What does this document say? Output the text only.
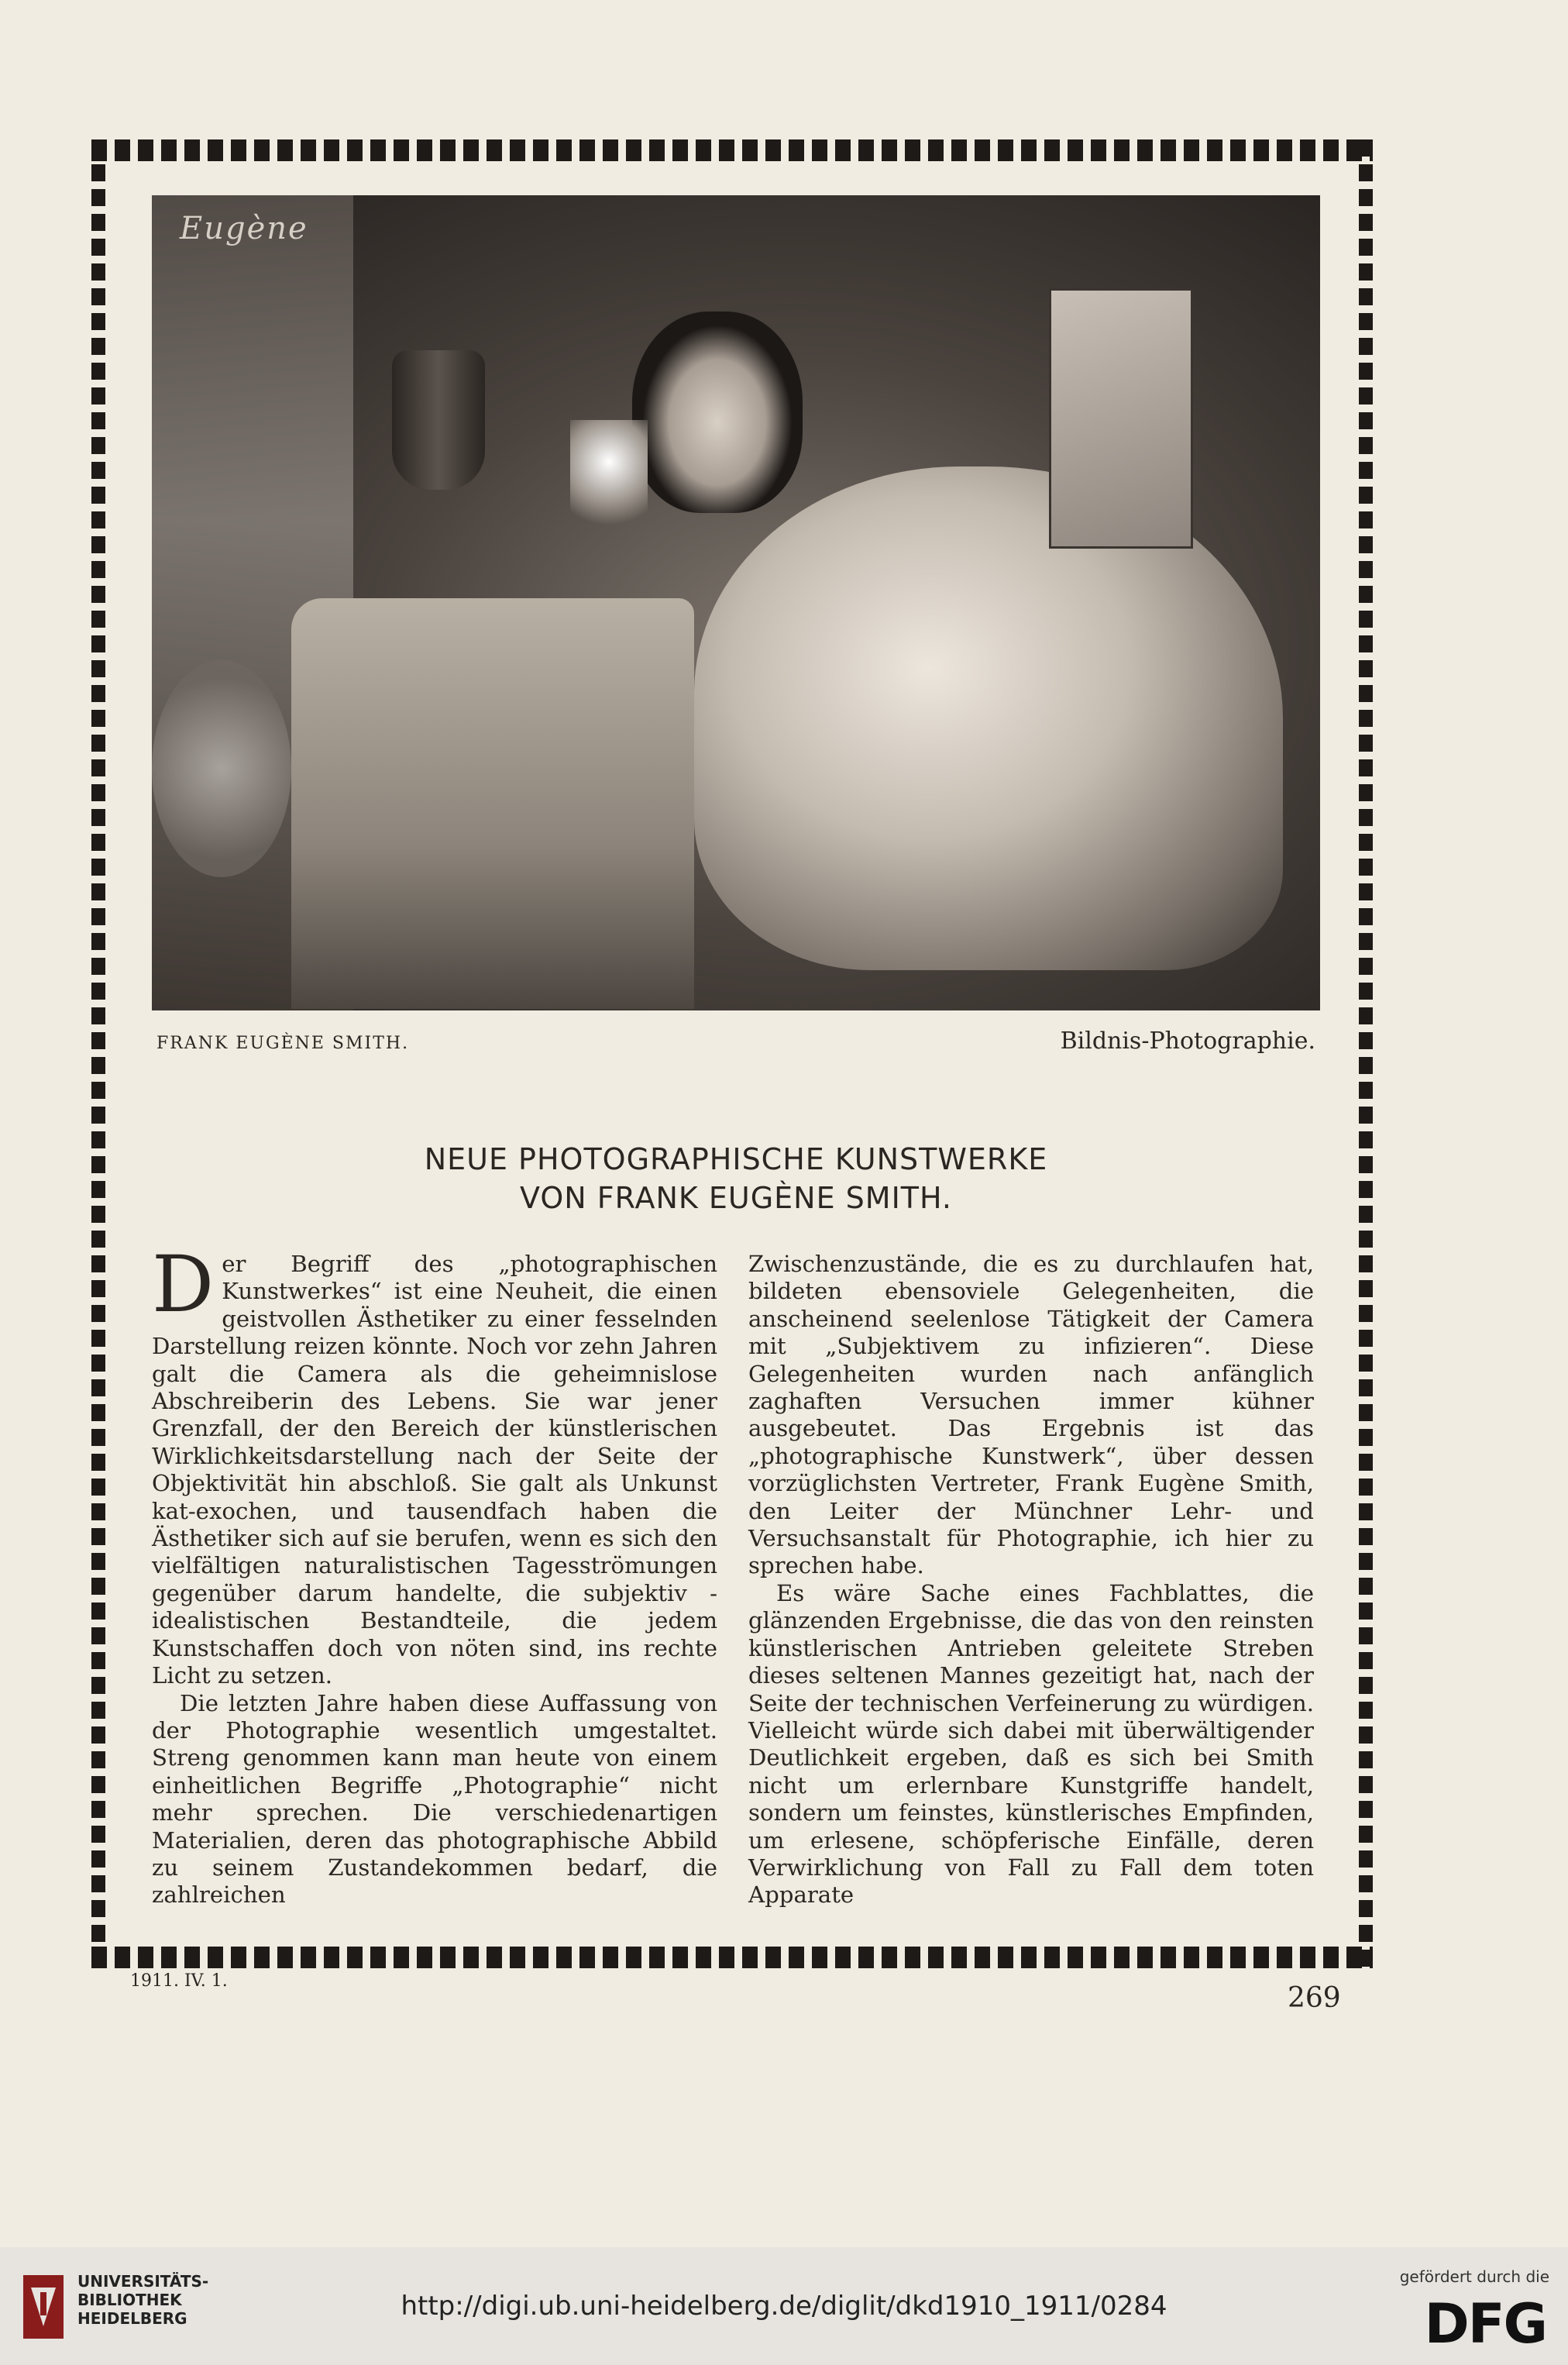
Eugène
FRANK EUGÈNE SMITH.	Bildnis-Photographie.
NEUE PHOTOGRAPHISCHE KUNSTWERKE
VON FRANK EUGÈNE SMITH.

Der Begriff des „photographischen Kunstwerkes“ ist eine Neuheit, die einen geistvollen Ästhetiker zu einer fesselnden Darstellung reizen könnte. Noch vor zehn Jahren galt die Camera als die geheimnislose Abschreiberin des Lebens. Sie war jener Grenzfall, der den Bereich der künstlerischen Wirklichkeitsdarstellung nach der Seite der Objektivität hin abschloß. Sie galt als Unkunst kat-exochen, und tausendfach haben die Ästhetiker sich auf sie berufen, wenn es sich den vielfältigen naturalistischen Tagesströmungen gegenüber darum handelte, die subjektiv - idealistischen Bestandteile, die jedem Kunstschaffen doch von nöten sind, ins rechte Licht zu setzen.

Die letzten Jahre haben diese Auffassung von der Photographie wesentlich umgestaltet. Streng genommen kann man heute von einem einheitlichen Begriffe „Photographie“ nicht mehr sprechen. Die verschiedenartigen Materialien, deren das photographische Abbild zu seinem Zustandekommen bedarf, die zahlreichen

Zwischenzustände, die es zu durchlaufen hat, bildeten ebensoviele Gelegenheiten, die anscheinend seelenlose Tätigkeit der Camera mit „Subjektivem zu infizieren“. Diese Gelegenheiten wurden nach anfänglich zaghaften Versuchen immer kühner ausgebeutet. Das Ergebnis ist das „photographische Kunstwerk“, über dessen vorzüglichsten Vertreter, Frank Eugène Smith, den Leiter der Münchner Lehr- und Versuchsanstalt für Photographie, ich hier zu sprechen habe.

Es wäre Sache eines Fachblattes, die glänzenden Ergebnisse, die das von den reinsten künstlerischen Antrieben geleitete Streben dieses seltenen Mannes gezeitigt hat, nach der Seite der technischen Verfeinerung zu würdigen. Vielleicht würde sich dabei mit überwältigender Deutlichkeit ergeben, daß es sich bei Smith nicht um erlernbare Kunstgriffe handelt, sondern um feinstes, künstlerisches Empfinden, um erlesene, schöpferische Einfälle, deren Verwirklichung von Fall zu Fall dem toten Apparate

1911. IV. 1.
269
UNIVERSITÄTS-
BIBLIOTHEK
HEIDELBERG	http://digi.ub.uni-heidelberg.de/diglit/dkd1910_1911/0284
gefördert durch die
DFG
